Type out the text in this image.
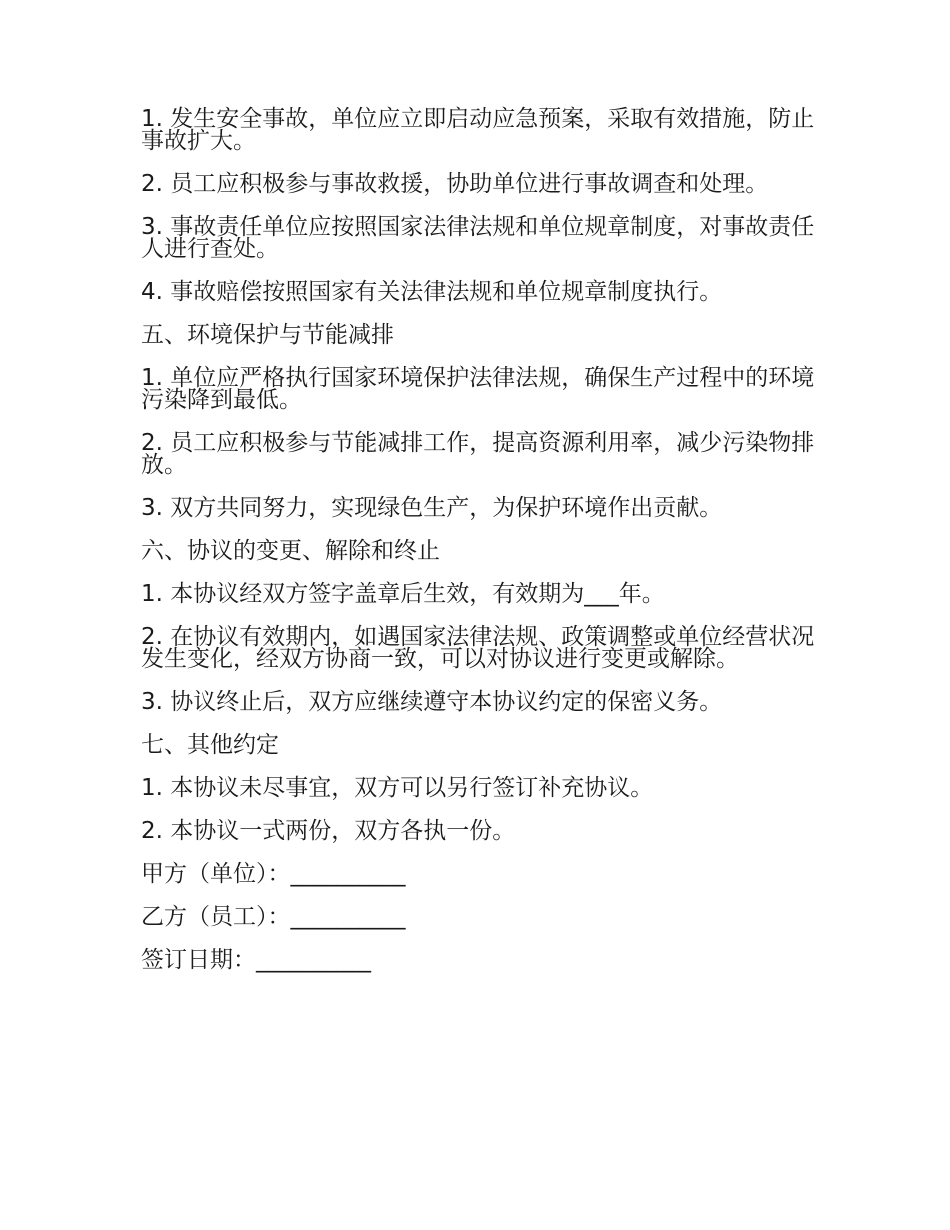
1. 发生安全事故，单位应立即启动应急预案，采取有效措施，防止事故扩大。

2. 员工应积极参与事故救援，协助单位进行事故调查和处理。

3. 事故责任单位应按照国家法律法规和单位规章制度，对事故责任人进行查处。

4. 事故赔偿按照国家有关法律法规和单位规章制度执行。

五、环境保护与节能减排

1. 单位应严格执行国家环境保护法律法规，确保生产过程中的环境污染降到最低。

2. 员工应积极参与节能减排工作，提高资源利用率，减少污染物排放。

3. 双方共同努力，实现绿色生产，为保护环境作出贡献。

六、协议的变更、解除和终止

1. 本协议经双方签字盖章后生效，有效期为___年。

2. 在协议有效期内，如遇国家法律法规、政策调整或单位经营状况发生变化，经双方协商一致，可以对协议进行变更或解除。

3. 协议终止后，双方应继续遵守本协议约定的保密义务。

七、其他约定

1. 本协议未尽事宜，双方可以另行签订补充协议。

2. 本协议一式两份，双方各执一份。

甲方（单位）：__________

乙方（员工）：__________

签订日期：__________
